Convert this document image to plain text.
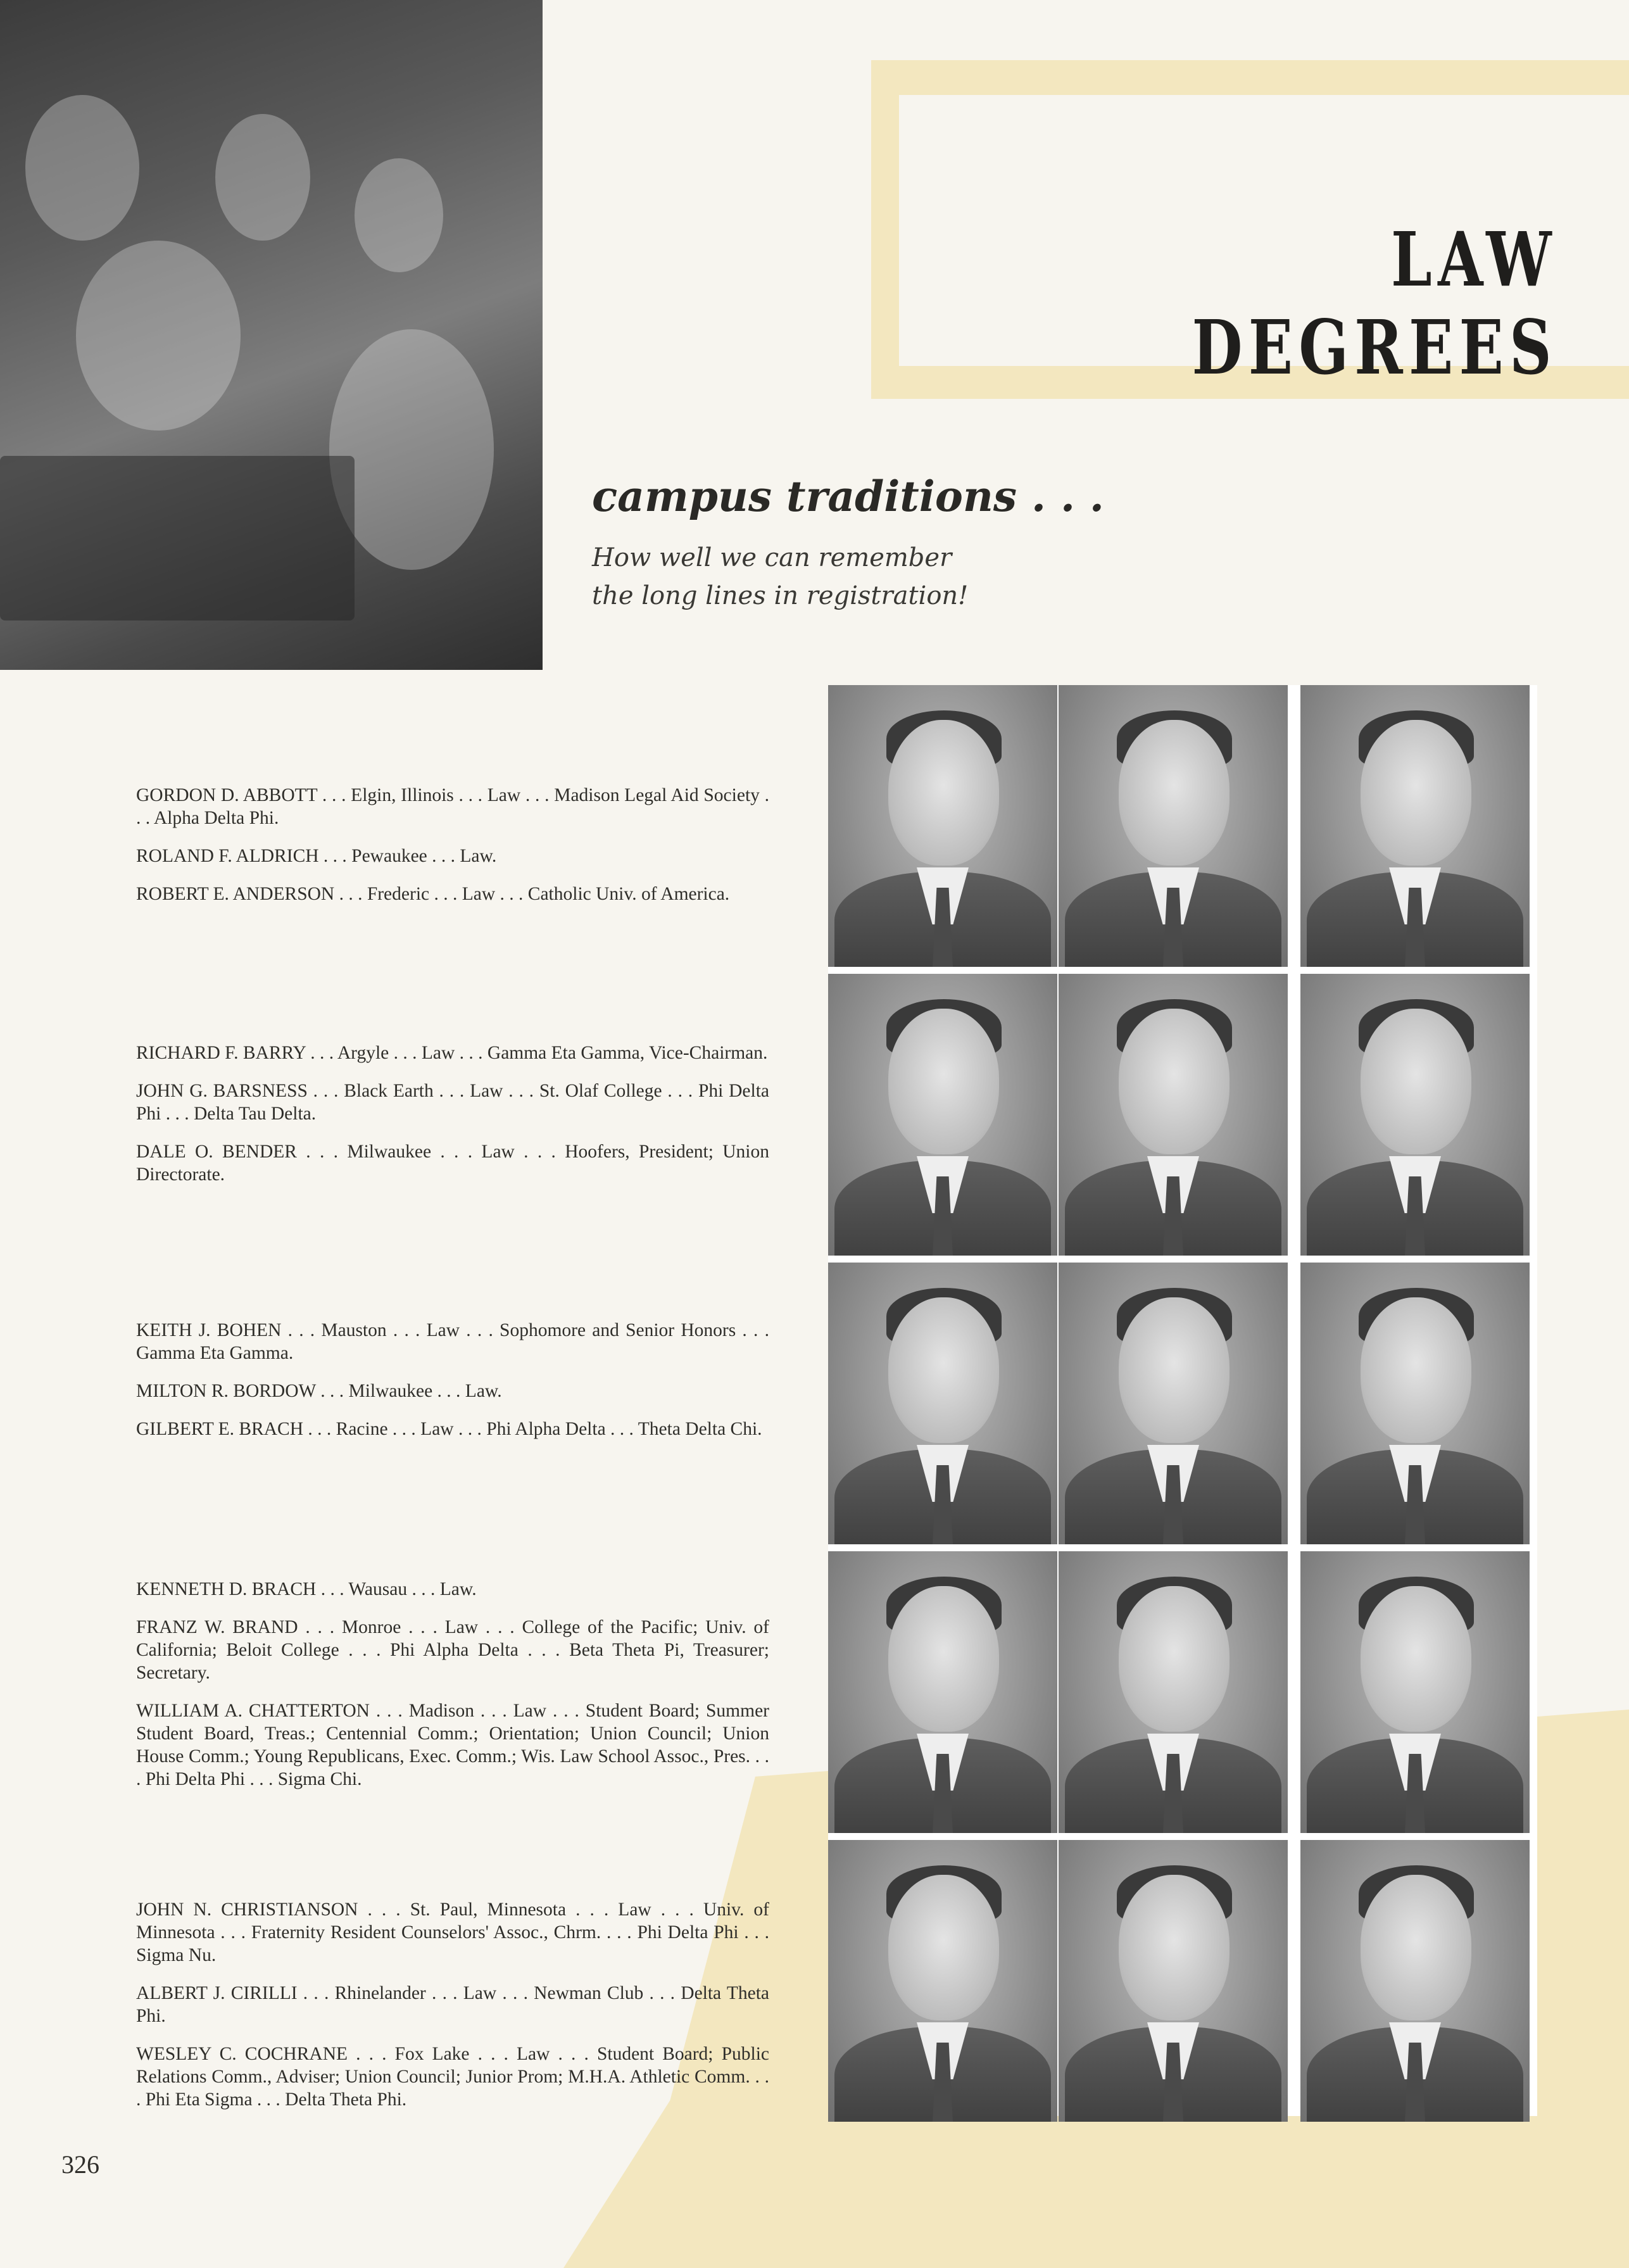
LAW DEGREES
campus traditions . . .
How well we can remember
the long lines in registration!

GORDON D. ABBOTT . . . Elgin, Illinois . . . Law . . . Madison Legal Aid Society . . . Alpha Delta Phi.

ROLAND F. ALDRICH . . . Pewaukee . . . Law.

ROBERT E. ANDERSON . . . Frederic . . . Law . . . Catholic Univ. of America.

RICHARD F. BARRY . . . Argyle . . . Law . . . Gamma Eta Gamma, Vice-Chairman.

JOHN G. BARSNESS . . . Black Earth . . . Law . . . St. Olaf College . . . Phi Delta Phi . . . Delta Tau Delta.

DALE O. BENDER . . . Milwaukee . . . Law . . . Hoofers, President; Union Directorate.

KEITH J. BOHEN . . . Mauston . . . Law . . . Sophomore and Senior Honors . . . Gamma Eta Gamma.

MILTON R. BORDOW . . . Milwaukee . . . Law.

GILBERT E. BRACH . . . Racine . . . Law . . . Phi Alpha Delta . . . Theta Delta Chi.

KENNETH D. BRACH . . . Wausau . . . Law.

FRANZ W. BRAND . . . Monroe . . . Law . . . College of the Pacific; Univ. of California; Beloit College . . . Phi Alpha Delta . . . Beta Theta Pi, Treasurer; Secretary.

WILLIAM A. CHATTERTON . . . Madison . . . Law . . . Student Board; Summer Student Board, Treas.; Centennial Comm.; Orientation; Union Council; Union House Comm.; Young Republicans, Exec. Comm.; Wis. Law School Assoc., Pres. . . . Phi Delta Phi . . . Sigma Chi.

JOHN N. CHRISTIANSON . . . St. Paul, Minnesota . . . Law . . . Univ. of Minnesota . . . Fraternity Resident Counselors' Assoc., Chrm. . . . Phi Delta Phi . . . Sigma Nu.

ALBERT J. CIRILLI . . . Rhinelander . . . Law . . . Newman Club . . . Delta Theta Phi.

WESLEY C. COCHRANE . . . Fox Lake . . . Law . . . Student Board; Public Relations Comm., Adviser; Union Council; Junior Prom; M.H.A. Athletic Comm. . . . Phi Eta Sigma . . . Delta Theta Phi.

326
